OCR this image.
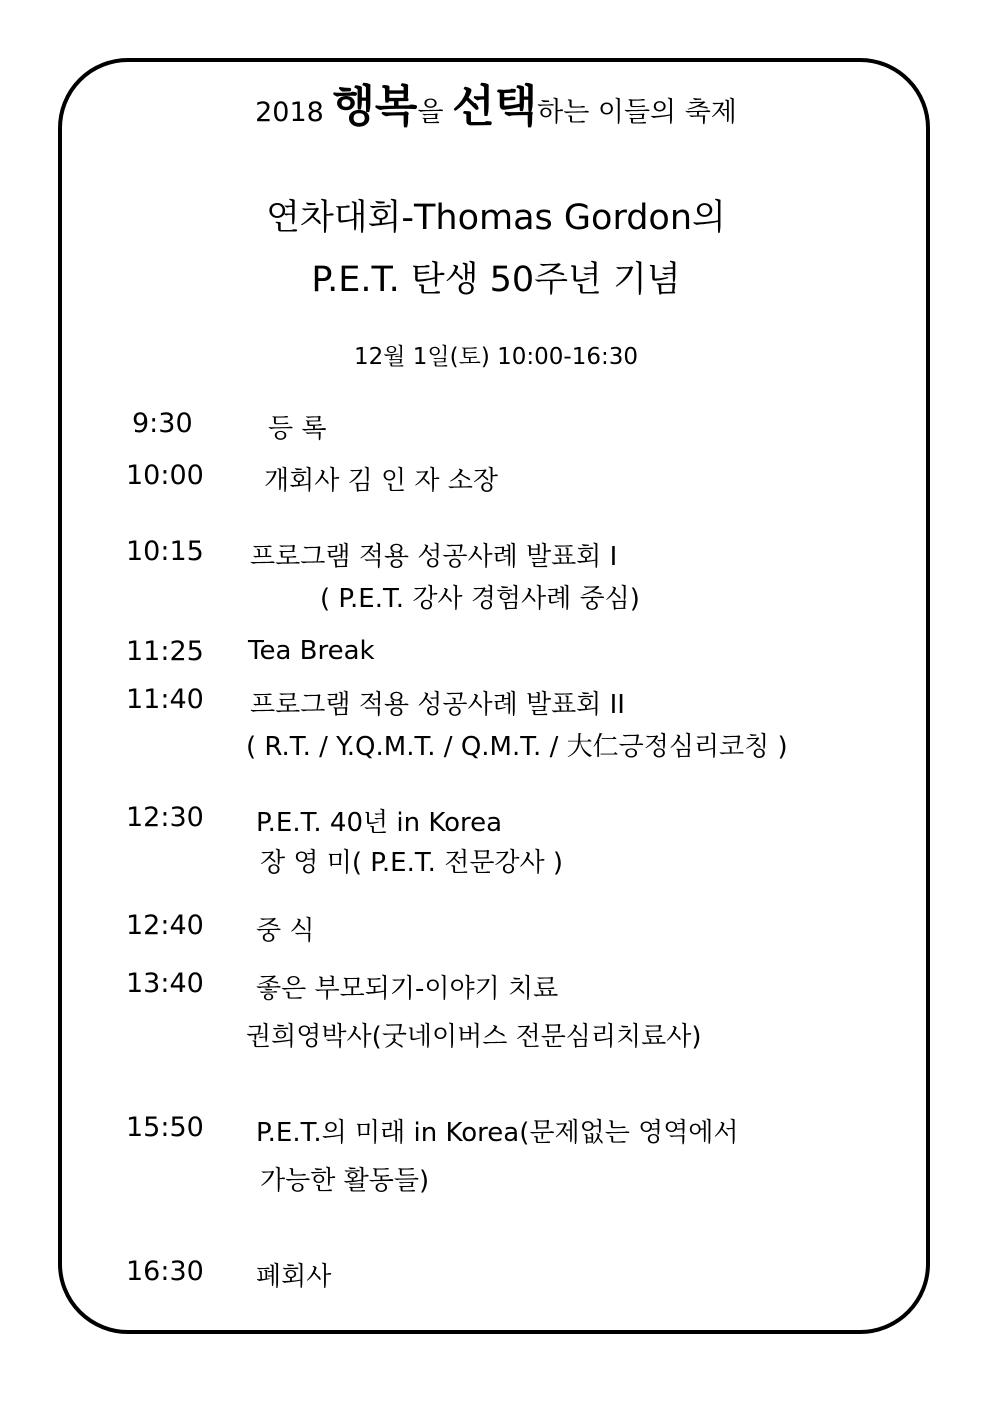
2018 행복을 선택하는 이들의 축제
연차대회-Thomas Gordon의
P.E.T. 탄생 50주년 기념
12월 1일(토) 10:00-16:30
9:30	등 록
10:00 개회사 김 인 자 소장
10:15 프로그램 적용 성공사례 발표회 I
( P.E.T. 강사 경험사례 중심)
11:25 Tea Break
11:40 프로그램 적용 성공사례 발표회 II
( R.T. / Y.Q.M.T. / Q.M.T. / 大仁긍정심리코칭 )
12:30 P.E.T. 40년 in Korea
장 영 미( P.E.T. 전문강사 )
12:40 중 식
13:40 좋은 부모되기-이야기 치료
권희영박사(굿네이버스 전문심리치료사)
15:50 P.E.T.의 미래 in Korea(문제없는 영역에서
가능한 활동들)
16:30 폐회사
